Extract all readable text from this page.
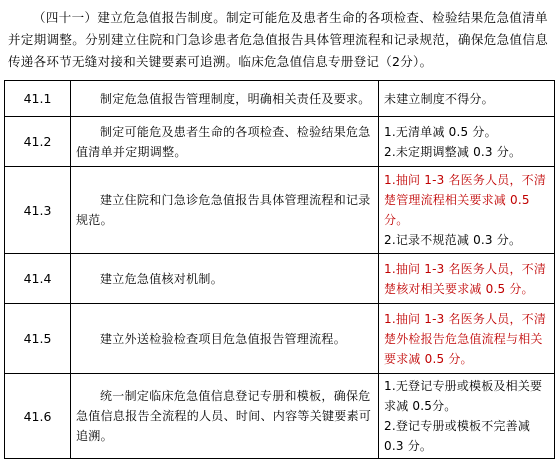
（四十一）建立危急值报告制度。制定可能危及患者生命的各项检查、检验结果危急值清单并定期调整。分别建立住院和门急诊患者危急值报告具体管理流程和记录规范，确保危急值信息传递各环节无缝对接和关键要素可追溯。临床危急值信息专册登记（2分）。
41.1	制定危急值报告管理制度，明确相关责任及要求。	未建立制度不得分。

41.2	制定可能危及患者生命的各项检查、检验结果危急值清单并定期调整。	1.无清单减 0.5 分。
2.未定期调整减 0.3 分。

41.3	建立住院和门急诊危急值报告具体管理流程和记录规范。	1.抽问 1-3 名医务人员，不清楚管理流程相关要求减 0.5 分。
2.记录不规范减 0.3 分。

41.4	建立危急值核对机制。	1.抽问 1-3 名医务人员，不清楚核对相关要求减 0.5 分。

41.5	建立外送检验检查项目危急值报告管理流程。	1.抽问 1-3 名医务人员，不清楚外检报告危急值流程与相关要求减 0.5 分。

41.6	统一制定临床危急值信息登记专册和模板，确保危急值信息报告全流程的人员、时间、内容等关键要素可追溯。	1.无登记专册或模板及相关要求减 0.5分。
2.登记专册或模板不完善减 0.3 分。
